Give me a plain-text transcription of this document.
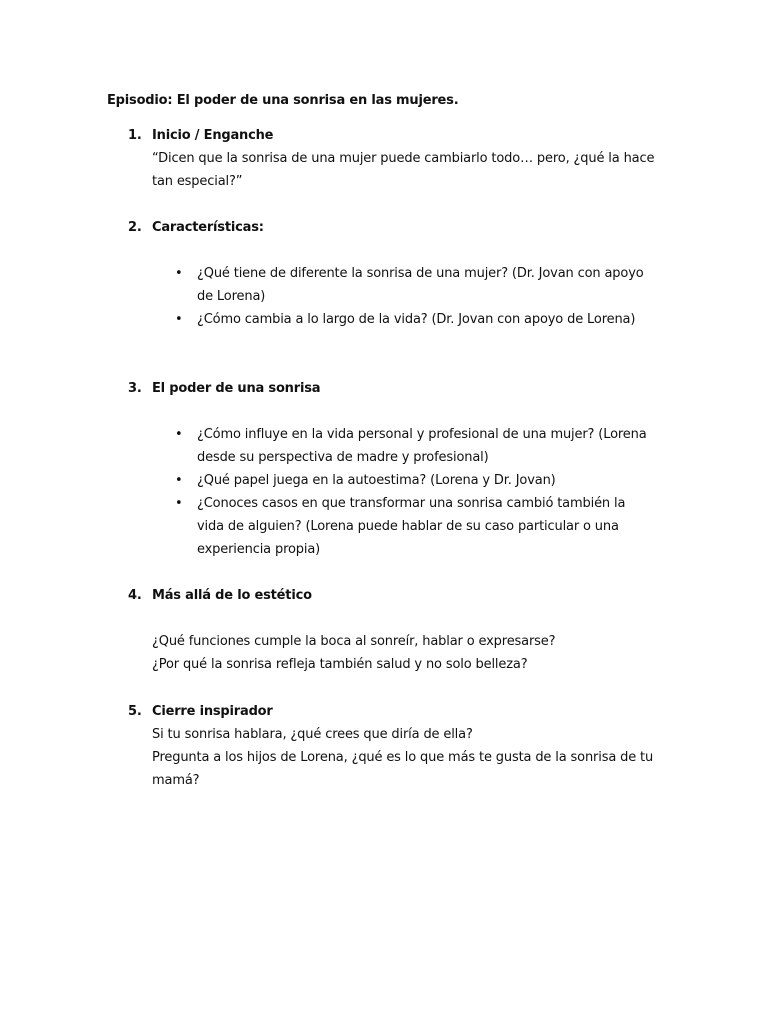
Episodio: El poder de una sonrisa en las mujeres.
1. Inicio / Enganche
“Dicen que la sonrisa de una mujer puede cambiarlo todo… pero, ¿qué la hace tan especial?”
2. Características:
• ¿Qué tiene de diferente la sonrisa de una mujer? (Dr. Jovan con apoyo de Lorena)
• ¿Cómo cambia a lo largo de la vida? (Dr. Jovan con apoyo de Lorena)
3. El poder de una sonrisa
• ¿Cómo influye en la vida personal y profesional de una mujer? (Lorena desde su perspectiva de madre y profesional)
• ¿Qué papel juega en la autoestima? (Lorena y Dr. Jovan)
• ¿Conoces casos en que transformar una sonrisa cambió también la vida de alguien? (Lorena puede hablar de su caso particular o una experiencia propia)
4. Más allá de lo estético
¿Qué funciones cumple la boca al sonreír, hablar o expresarse?
¿Por qué la sonrisa refleja también salud y no solo belleza?
5. Cierre inspirador
Si tu sonrisa hablara, ¿qué crees que diría de ella?
Pregunta a los hijos de Lorena, ¿qué es lo que más te gusta de la sonrisa de tu mamá?
